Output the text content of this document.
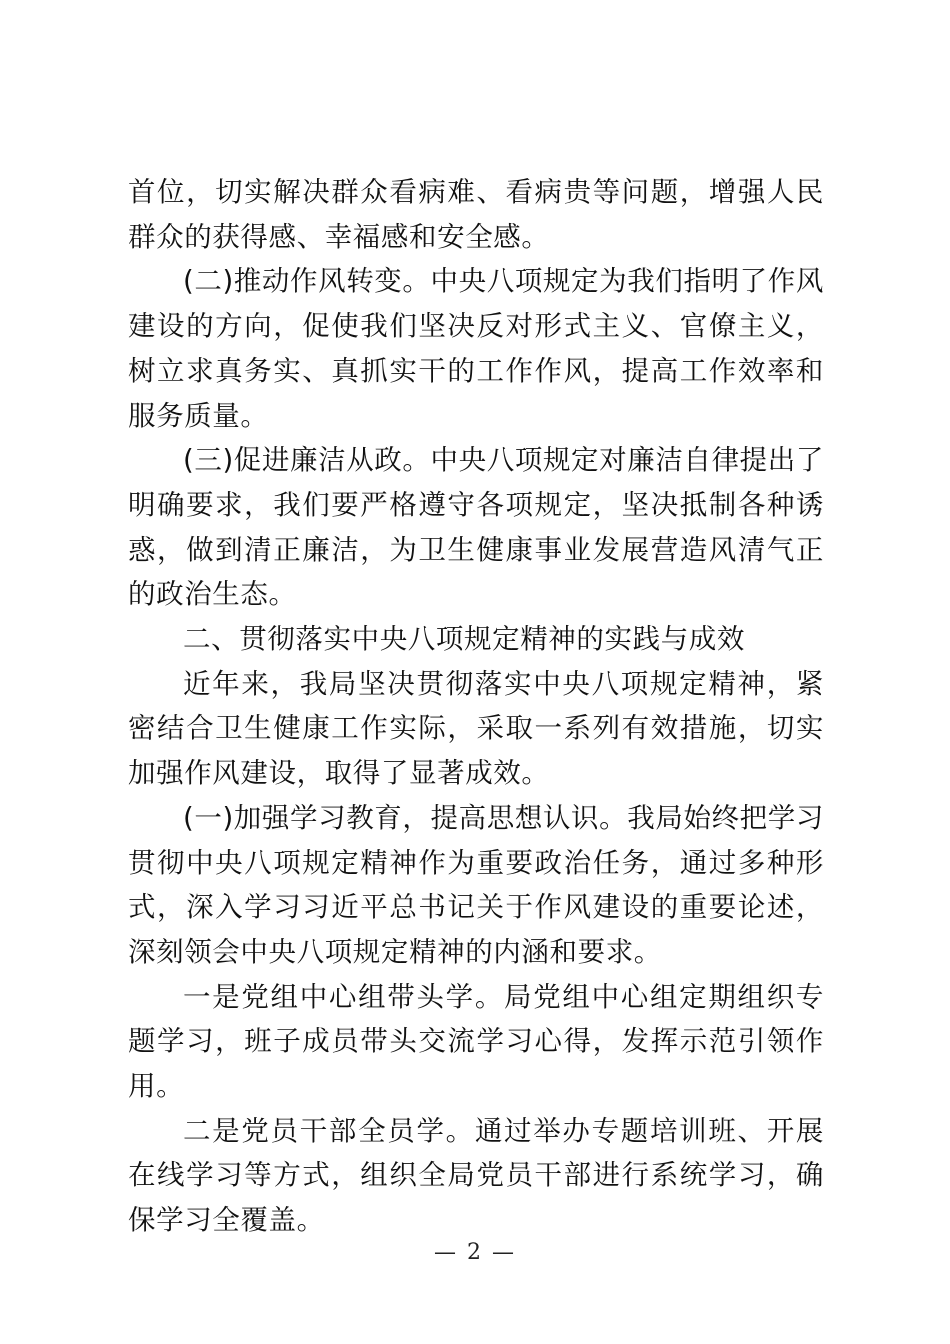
首位，切实解决群众看病难、看病贵等问题，增强人民群众的获得感、幸福感和安全感。

(二)推动作风转变。中央八项规定为我们指明了作风建设的方向，促使我们坚决反对形式主义、官僚主义，树立求真务实、真抓实干的工作作风，提高工作效率和服务质量。

(三)促进廉洁从政。中央八项规定对廉洁自律提出了明确要求，我们要严格遵守各项规定，坚决抵制各种诱惑，做到清正廉洁，为卫生健康事业发展营造风清气正的政治生态。

二、贯彻落实中央八项规定精神的实践与成效

近年来，我局坚决贯彻落实中央八项规定精神，紧密结合卫生健康工作实际，采取一系列有效措施，切实加强作风建设，取得了显著成效。

(一)加强学习教育，提高思想认识。我局始终把学习贯彻中央八项规定精神作为重要政治任务，通过多种形式，深入学习习近平总书记关于作风建设的重要论述，深刻领会中央八项规定精神的内涵和要求。

一是党组中心组带头学。局党组中心组定期组织专题学习，班子成员带头交流学习心得，发挥示范引领作用。

二是党员干部全员学。通过举办专题培训班、开展在线学习等方式，组织全局党员干部进行系统学习，确保学习全覆盖。

— 2 —
